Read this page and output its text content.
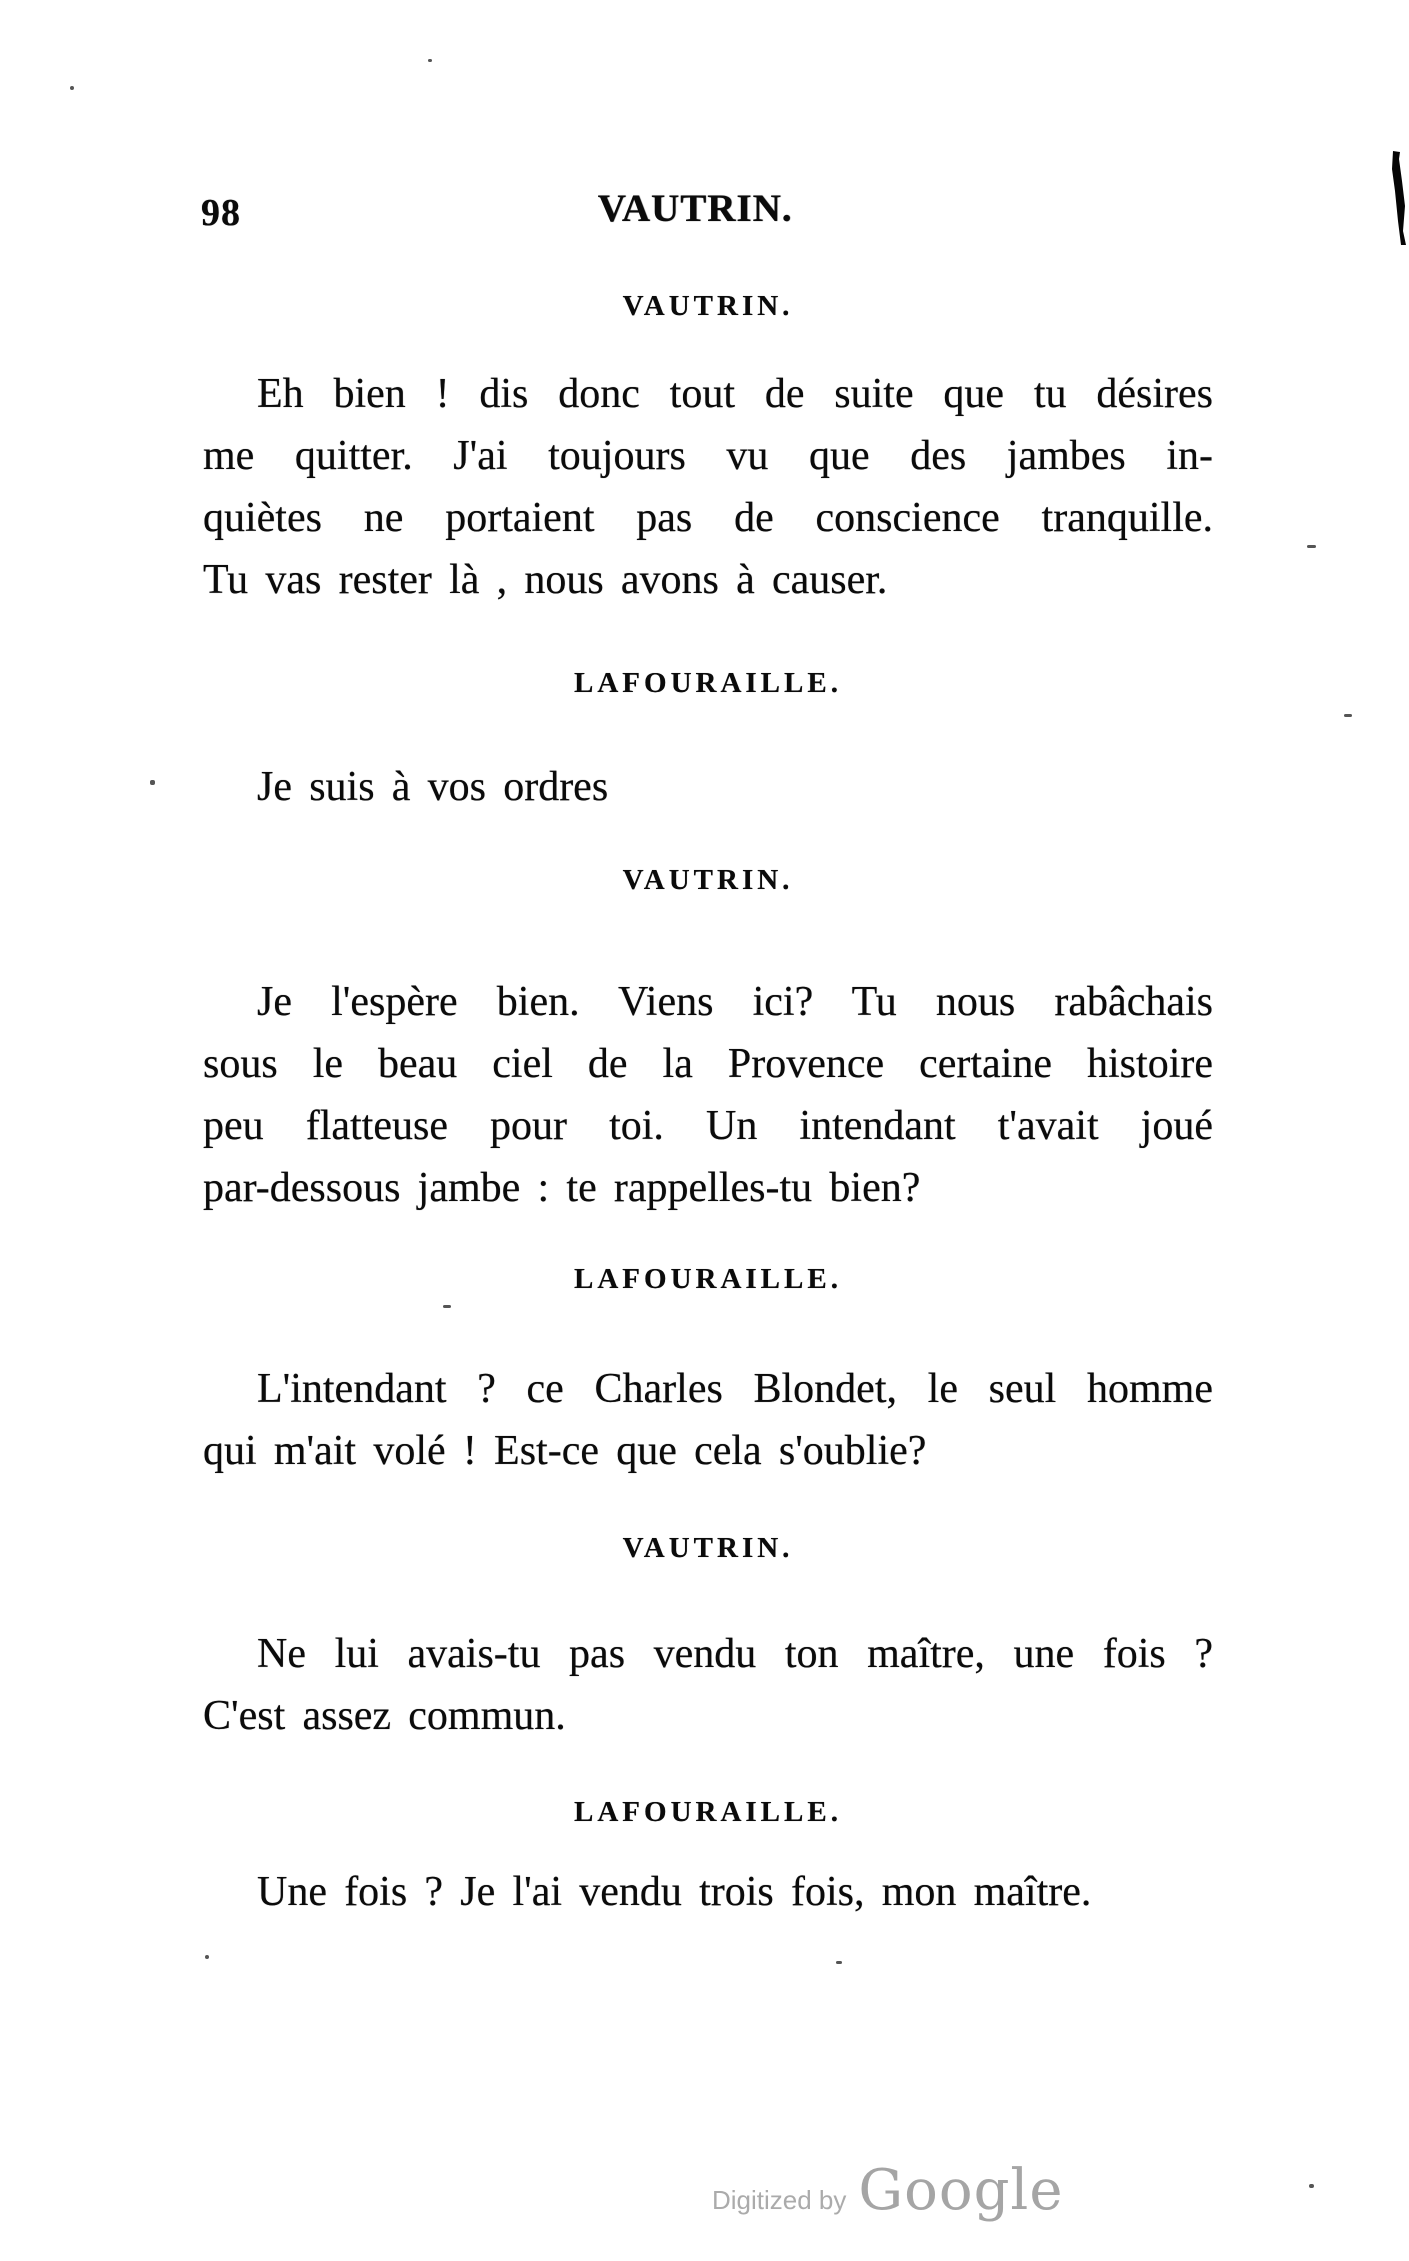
98	VAUTRIN.
VAUTRIN.
Eh bien ! dis donc tout de suite que tu désires
me quitter. J'ai toujours vu que des jambes in-
quiètes ne portaient pas de conscience tranquille.
Tu vas rester là , nous avons à causer.
LAFOURAILLE.
Je suis à vos ordres
VAUTRIN.
Je l'espère bien. Viens ici? Tu nous rabâchais
sous le beau ciel de la Provence certaine histoire
peu flatteuse pour toi. Un intendant t'avait joué
par-dessous jambe : te rappelles-tu bien?
LAFOURAILLE.
L'intendant ? ce Charles Blondet, le seul homme
qui m'ait volé ! Est-ce que cela s'oublie?
VAUTRIN.
Ne lui avais-tu pas vendu ton maître, une fois ?
C'est assez commun.
LAFOURAILLE.
Une fois ? Je l'ai vendu trois fois, mon maître.
Digitized by Google
